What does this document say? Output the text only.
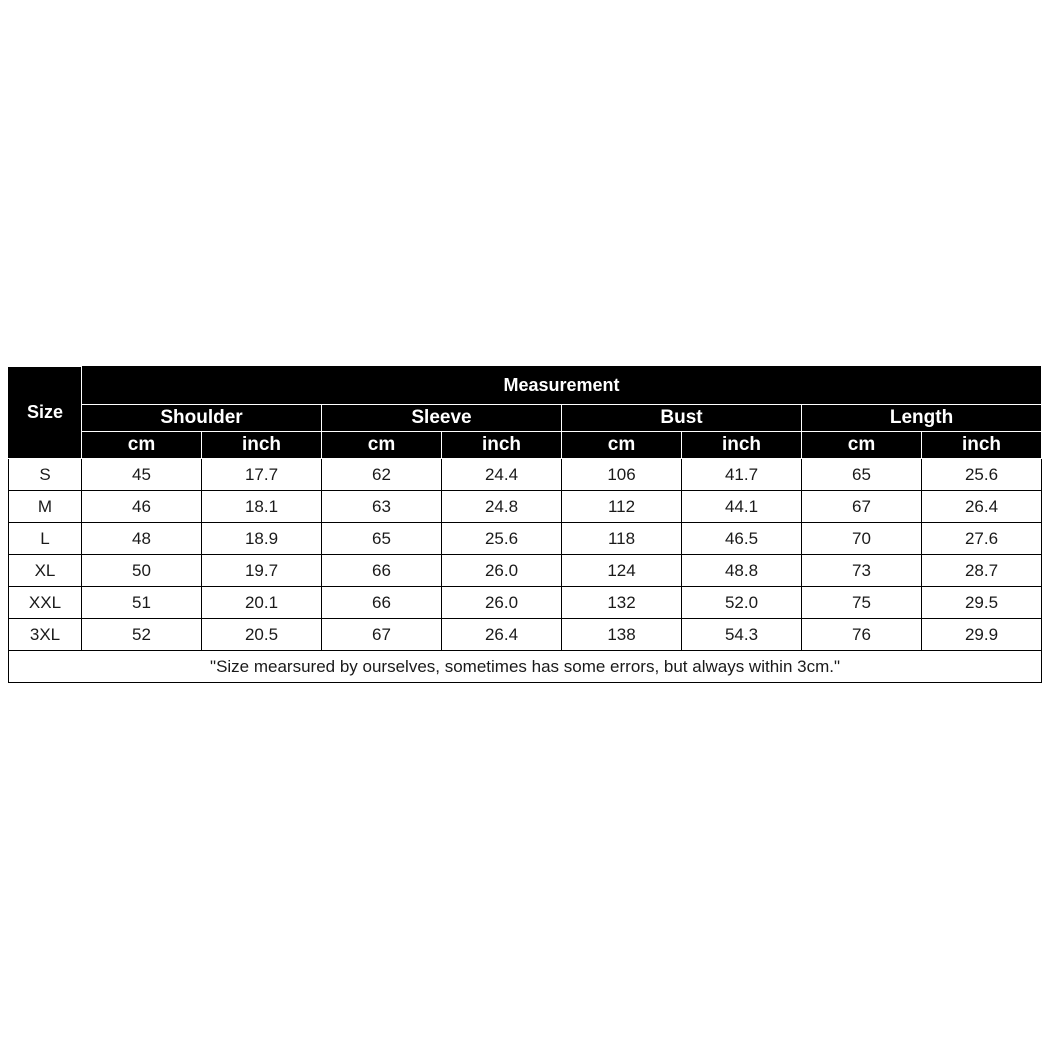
Size	Measurement							
	Shoulder		Sleeve		Bust		Length	
	cm	inch	cm	inch	cm	inch	cm	inch
S	45	17.7	62	24.4	106	41.7	65	25.6
M	46	18.1	63	24.8	112	44.1	67	26.4
L	48	18.9	65	25.6	118	46.5	70	27.6
XL	50	19.7	66	26.0	124	48.8	73	28.7
XXL	51	20.1	66	26.0	132	52.0	75	29.5
3XL	52	20.5	67	26.4	138	54.3	76	29.9
"Size mearsured by ourselves, sometimes has some errors, but always within 3cm."								
